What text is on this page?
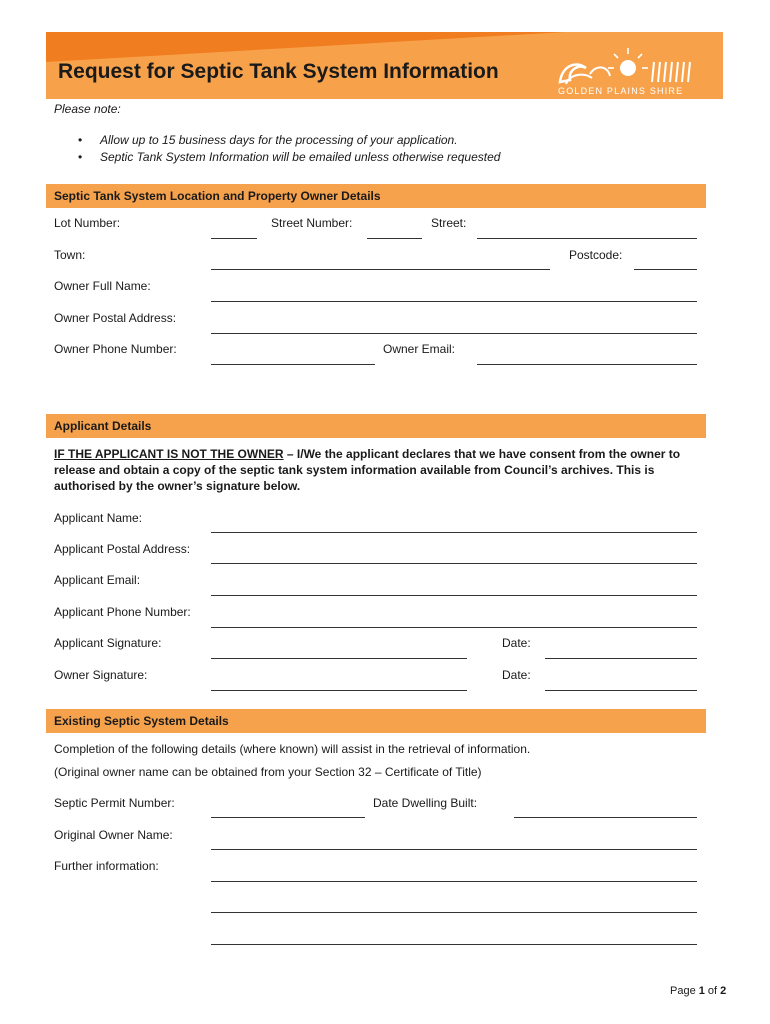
Request for Septic Tank System Information
GOLDEN PLAINS SHIRE
Please note:
• Allow up to 15 business days for the processing of your application.
• Septic Tank System Information will be emailed unless otherwise requested
Septic Tank System Location and Property Owner Details
Lot Number:	Street Number:	Street:
Town:	Postcode:
Owner Full Name:
Owner Postal Address:
Owner Phone Number:	Owner Email:
Applicant Details
IF THE APPLICANT IS NOT THE OWNER – I/We the applicant declares that we have consent from the owner to release and obtain a copy of the septic tank system information available from Council’s archives. This is authorised by the owner’s signature below.
Applicant Name:
Applicant Postal Address:
Applicant Email:
Applicant Phone Number:
Applicant Signature:	Date:
Owner Signature:	Date:
Existing Septic System Details
Completion of the following details (where known) will assist in the retrieval of information.
(Original owner name can be obtained from your Section 32 – Certificate of Title)
Septic Permit Number:	Date Dwelling Built:
Original Owner Name:
Further information:
Page 1 of 2
